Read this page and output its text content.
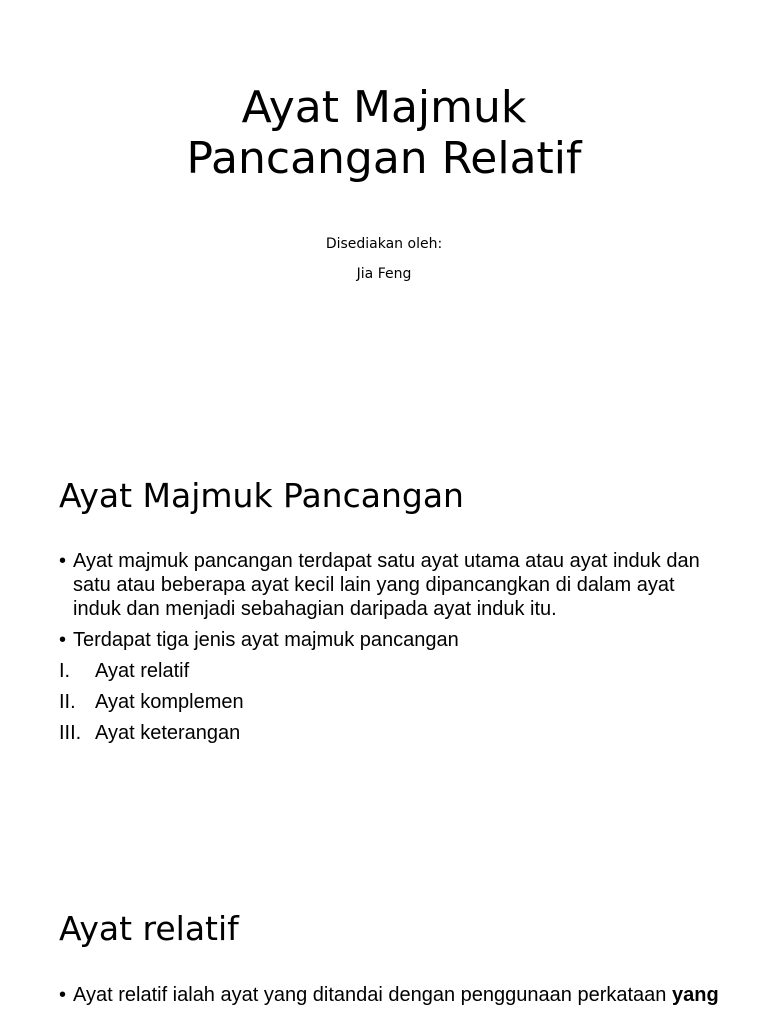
Ayat Majmuk
Pancangan Relatif
Disediakan oleh:
Jia Feng
Ayat Majmuk Pancangan
• Ayat majmuk pancangan terdapat satu ayat utama atau ayat induk dan satu atau beberapa ayat kecil lain yang dipancangkan di dalam ayat induk dan menjadi sebahagian daripada ayat induk itu.
• Terdapat tiga jenis ayat majmuk pancangan
I.	Ayat relatif
II. Ayat komplemen
III. Ayat keterangan
Ayat relatif
• Ayat relatif ialah ayat yang ditandai dengan penggunaan perkataan yang
